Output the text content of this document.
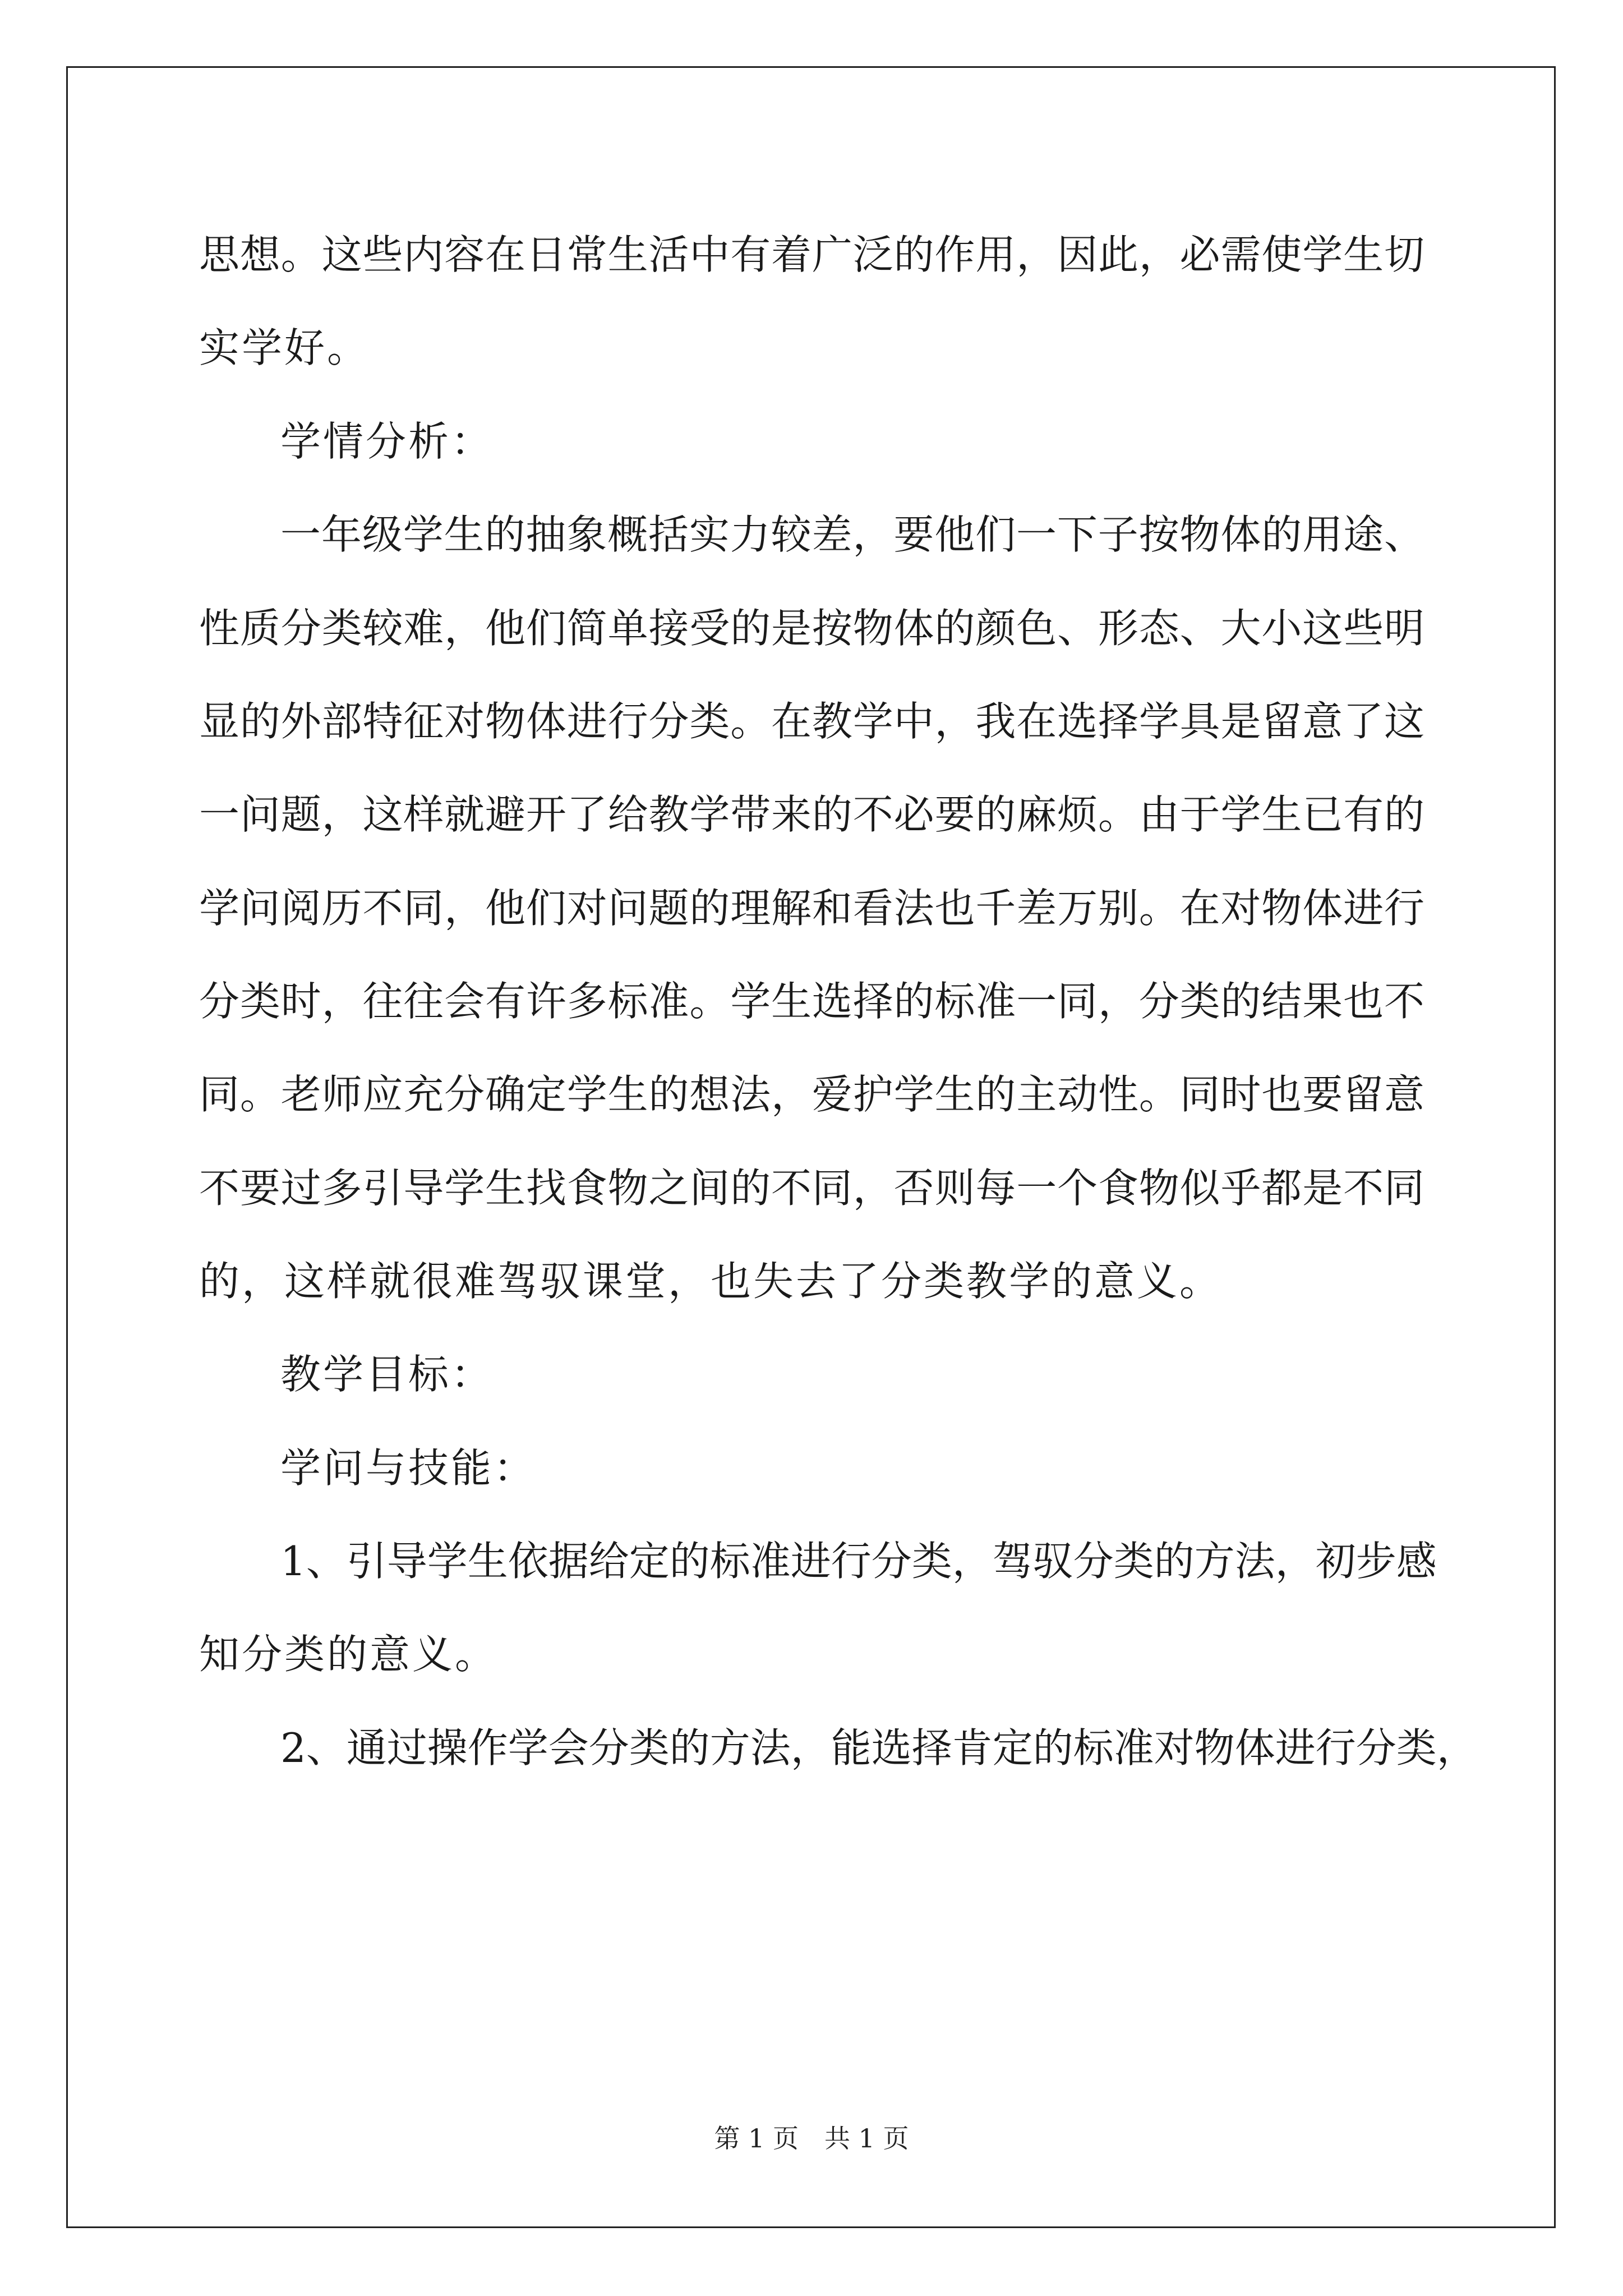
思想。这些内容在日常生活中有着广泛的作用，因此，必需使学生切
实学好。
学情分析：
一年级学生的抽象概括实力较差，要他们一下子按物体的用途、
性质分类较难，他们简单接受的是按物体的颜色、形态、大小这些明
显的外部特征对物体进行分类。在教学中，我在选择学具是留意了这
一问题，这样就避开了给教学带来的不必要的麻烦。由于学生已有的
学问阅历不同，他们对问题的理解和看法也千差万别。在对物体进行
分类时，往往会有许多标准。学生选择的标准一同，分类的结果也不
同。老师应充分确定学生的想法，爱护学生的主动性。同时也要留意
不要过多引导学生找食物之间的不同，否则每一个食物似乎都是不同
的，这样就很难驾驭课堂，也失去了分类教学的意义。
教学目标：
学问与技能：
1、引导学生依据给定的标准进行分类，驾驭分类的方法，初步感
知分类的意义。
2、通过操作学会分类的方法，能选择肯定的标准对物体进行分类，
第 1 页　共 1 页
